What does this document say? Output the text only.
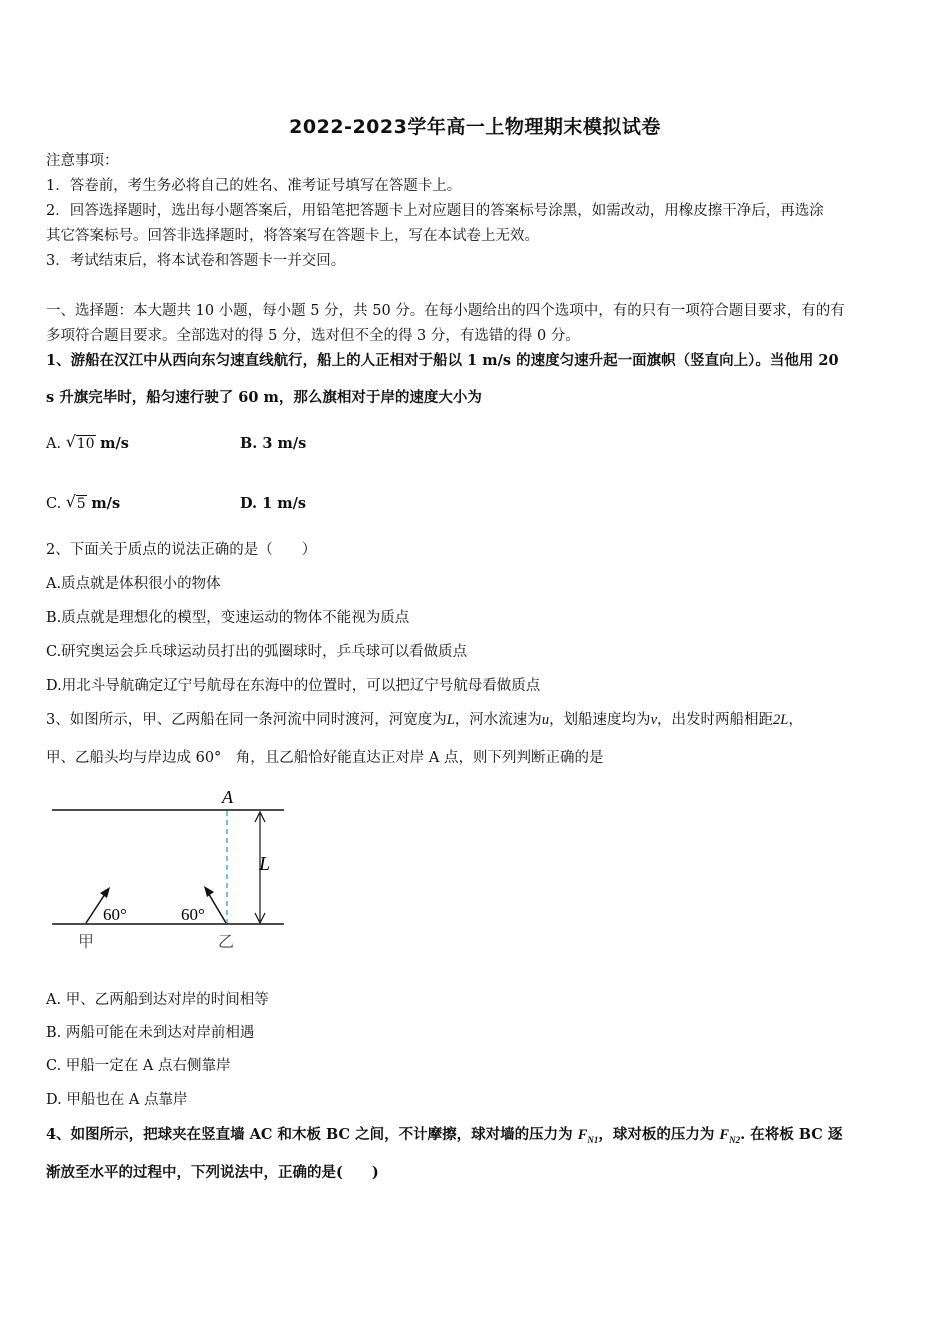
2022-2023学年高一上物理期末模拟试卷
注意事项：
1．答卷前，考生务必将自己的姓名、准考证号填写在答题卡上。
2．回答选择题时，选出每小题答案后，用铅笔把答题卡上对应题目的答案标号涂黑，如需改动，用橡皮擦干净后，再选涂
其它答案标号。回答非选择题时，将答案写在答题卡上，写在本试卷上无效。
3．考试结束后，将本试卷和答题卡一并交回。
一、选择题：本大题共 10 小题，每小题 5 分，共 50 分。在每小题给出的四个选项中，有的只有一项符合题目要求，有的有
多项符合题目要求。全部选对的得 5 分，选对但不全的得 3 分，有选错的得 0 分。
1、游船在汉江中从西向东匀速直线航行，船上的人正相对于船以 1 m/s 的速度匀速升起一面旗帜（竖直向上）。当他用 20
s 升旗完毕时，船匀速行驶了 60 m，那么旗相对于岸的速度大小为
A. √ 10 m/s	B. 3 m/s
C. √ 5 m/s	D. 1 m/s
2、下面关于质点的说法正确的是（　　）
A.质点就是体积很小的物体
B.质点就是理想化的模型，变速运动的物体不能视为质点
C.研究奥运会乒乓球运动员打出的弧圈球时，乒乓球可以看做质点
D.用北斗导航确定辽宁号航母在东海中的位置时，可以把辽宁号航母看做质点
3、如图所示，甲、乙两船在同一条河流中同时渡河，河宽度为L，河水流速为u，划船速度均为v，出发时两船相距2L，
甲、乙船头均与岸边成 60°　角，且乙船恰好能直达正对岸 A 点，则下列判断正确的是
A
L
60°	60°
甲	乙
A. 甲、乙两船到达对岸的时间相等
B. 两船可能在未到达对岸前相遇
C. 甲船一定在 A 点右侧靠岸
D. 甲船也在 A 点靠岸
4、如图所示，把球夹在竖直墙 AC 和木板 BC 之间，不计摩擦，球对墙的压力为 $F_{N1}$，球对板的压力为 $F_{N2}$. 在将板 BC 逐
渐放至水平的过程中，下列说法中，正确的是(　　)
